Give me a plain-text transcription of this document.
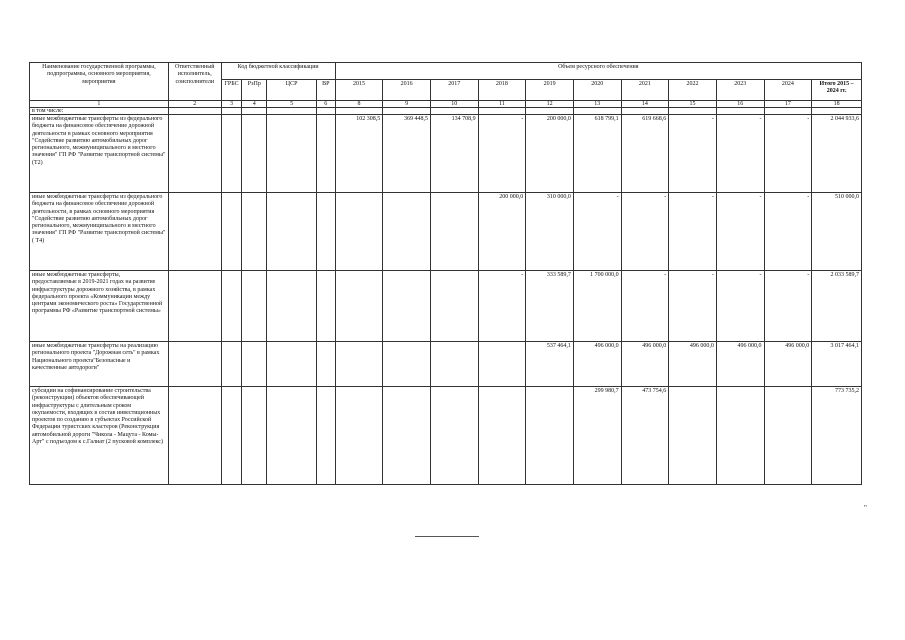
Наименование государственной программы, подпрограммы, основного мероприятия, мероприятия	Ответственный исполнитель, соисполнители	Код бюджетной классификации				Объем ресурсного обеспечения										
		ГРБС	РзПр	ЦСР	ВР	2015	2016	2017	2018	2019	2020	2021	2022	2023	2024	Итого 2015 – 2024 гг.
1	2	3	4	5	6	8	9	10	11	12	13	14	15	16	17	18
в том числе:																
иные межбюджетные трансферты из федерального бюджета на финансовое обеспечение дорожной деятельности в рамках основного мероприятия "Содействие развитию автомобильных дорог регионального, межмуниципального и местного значения" ГП РФ "Развитие транспортной системы" (Т2)						102 308,5	369 448,5	134 708,9	-	200 000,0	618 799,1	619 668,6	-	-	-	2 044 933,6
иные межбюджетные трансферты из федерального бюджета на финансовое обеспечение дорожной деятельности, в рамках основного мероприятия "Содействие развитию автомобильных дорог регионального, межмуниципального и местного значения" ГП РФ "Развитие транспортной системы" ( Т4)									200 000,0	310 000,0	-	-	-	-	-	510 000,0
иные межбюджетные трансферты, предоставляемые в 2019-2021 годах на развитие инфраструктуры дорожного хозяйства, в рамках федерального проекта «Коммуникации между центрами экономического роста» Государственной программы РФ «Развитие транспортной системы»									-	333 589,7	1 700 000,0	-	-	-	-	2 033 589,7
иные межбюджетные трансферты на реализацию регионального проекта "Дорожная сеть" в рамках Национального проекта"Безопасные и качественные автодороги"										537 464,1	496 000,0	496 000,0	496 000,0	496 000,0	496 000,0	3 017 464,1
субсидии на софинансирование строительства (реконструкции) объектов обеспечивающей инфраструктуры с длительным сроком окупаемости, входящих в состав инвестиционных проектов по созданию в субъектах Российской Федерации туристских кластеров (Реконструкция автомобильной дороги "Чикола - Мацута - Комы-Арт" с подъездом к с.Галиат (2 пусковой комплекс)											299 980,7	473 754,6				773 735,2
"
